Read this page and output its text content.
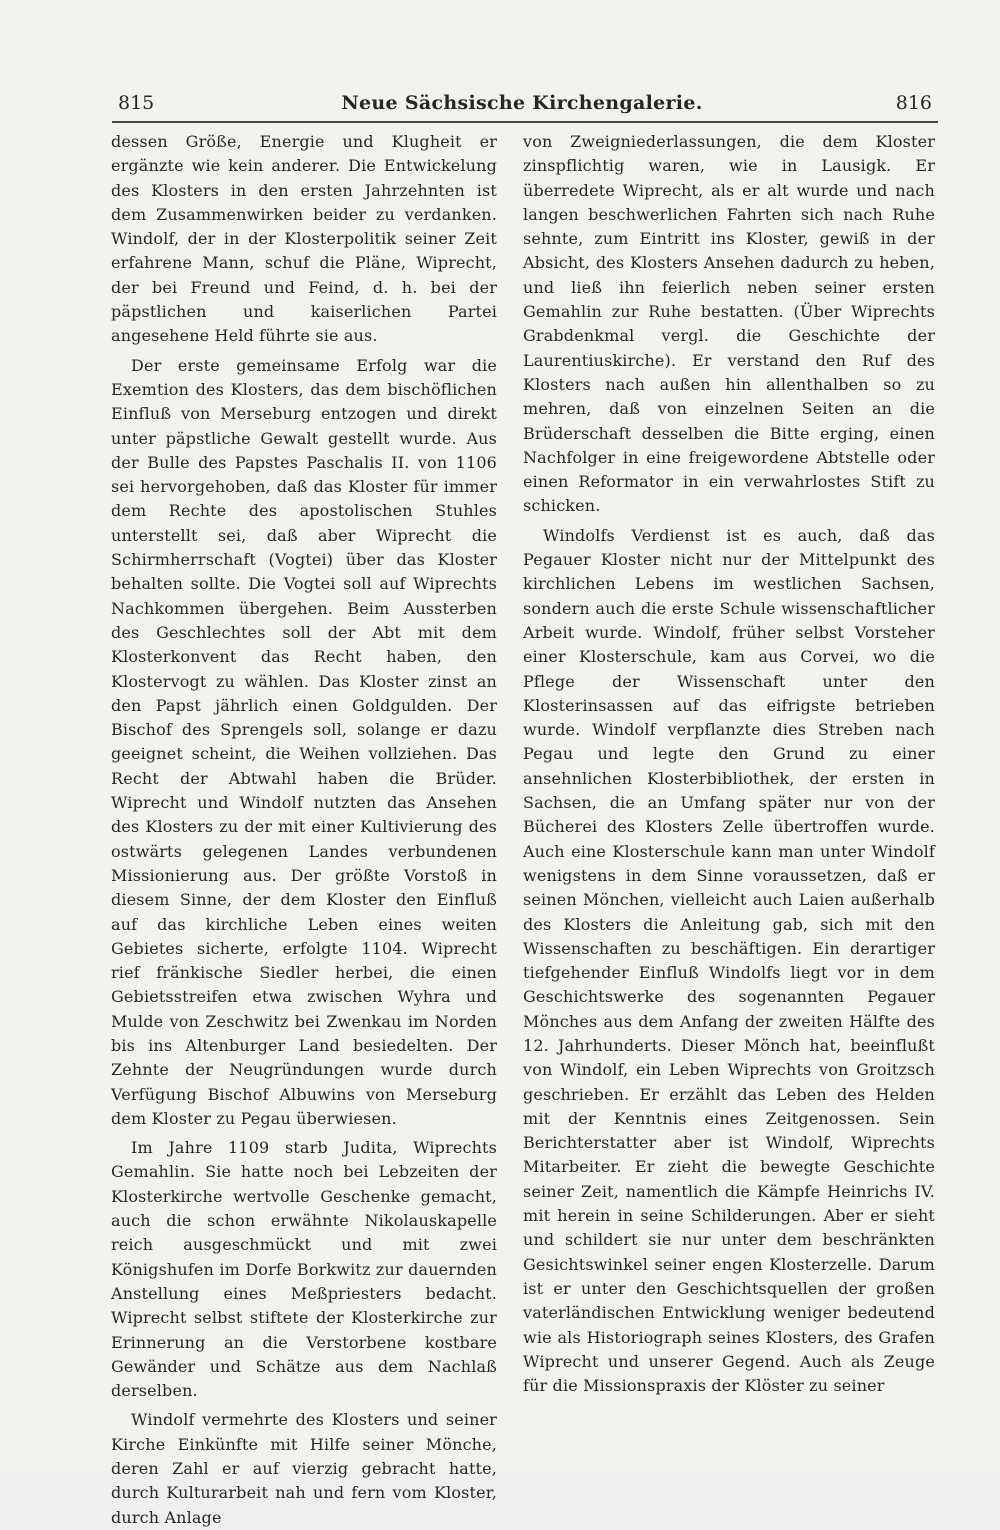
815	Neue Sächsische Kirchengalerie.	816

dessen Größe, Energie und Klugheit er ergänzte wie kein anderer. Die Entwickelung des Klosters in den ersten Jahrzehnten ist dem Zusammenwirken beider zu verdanken. Windolf, der in der Klosterpolitik seiner Zeit erfahrene Mann, schuf die Pläne, Wiprecht, der bei Freund und Feind, d. h. bei der päpstlichen und kaiserlichen Partei angesehene Held führte sie aus.

Der erste gemeinsame Erfolg war die Exemtion des Klosters, das dem bischöflichen Einfluß von Merseburg entzogen und direkt unter päpstliche Gewalt gestellt wurde. Aus der Bulle des Papstes Paschalis II. von 1106 sei hervorgehoben, daß das Kloster für immer dem Rechte des apostolischen Stuhles unterstellt sei, daß aber Wiprecht die Schirmherrschaft (Vogtei) über das Kloster behalten sollte. Die Vogtei soll auf Wiprechts Nachkommen übergehen. Beim Aussterben des Geschlechtes soll der Abt mit dem Klosterkonvent das Recht haben, den Klostervogt zu wählen. Das Kloster zinst an den Papst jährlich einen Goldgulden. Der Bischof des Sprengels soll, solange er dazu geeignet scheint, die Weihen vollziehen. Das Recht der Abtwahl haben die Brüder. Wiprecht und Windolf nutzten das Ansehen des Klosters zu der mit einer Kultivierung des ostwärts gelegenen Landes verbundenen Missionierung aus. Der größte Vorstoß in diesem Sinne, der dem Kloster den Einfluß auf das kirchliche Leben eines weiten Gebietes sicherte, erfolgte 1104. Wiprecht rief fränkische Siedler herbei, die einen Gebietsstreifen etwa zwischen Wyhra und Mulde von Zeschwitz bei Zwenkau im Norden bis ins Altenburger Land besiedelten. Der Zehnte der Neugründungen wurde durch Verfügung Bischof Albuwins von Merseburg dem Kloster zu Pegau überwiesen.

Im Jahre 1109 starb Judita, Wiprechts Gemahlin. Sie hatte noch bei Lebzeiten der Klosterkirche wertvolle Geschenke gemacht, auch die schon erwähnte Nikolauskapelle reich ausgeschmückt und mit zwei Königshufen im Dorfe Borkwitz zur dauernden Anstellung eines Meßpriesters bedacht. Wiprecht selbst stiftete der Klosterkirche zur Erinnerung an die Verstorbene kostbare Gewänder und Schätze aus dem Nachlaß derselben.

Windolf vermehrte des Klosters und seiner Kirche Einkünfte mit Hilfe seiner Mönche, deren Zahl er auf vierzig gebracht hatte, durch Kulturarbeit nah und fern vom Kloster, durch Anlage

von Zweigniederlassungen, die dem Kloster zinspflichtig waren, wie in Lausigk. Er überredete Wiprecht, als er alt wurde und nach langen beschwerlichen Fahrten sich nach Ruhe sehnte, zum Eintritt ins Kloster, gewiß in der Absicht, des Klosters Ansehen dadurch zu heben, und ließ ihn feierlich neben seiner ersten Gemahlin zur Ruhe bestatten. (Über Wiprechts Grabdenkmal vergl. die Geschichte der Laurentiuskirche). Er verstand den Ruf des Klosters nach außen hin allenthalben so zu mehren, daß von einzelnen Seiten an die Brüderschaft desselben die Bitte erging, einen Nachfolger in eine freigewordene Abtstelle oder einen Reformator in ein verwahrlostes Stift zu schicken.

Windolfs Verdienst ist es auch, daß das Pegauer Kloster nicht nur der Mittelpunkt des kirchlichen Lebens im westlichen Sachsen, sondern auch die erste Schule wissenschaftlicher Arbeit wurde. Windolf, früher selbst Vorsteher einer Klosterschule, kam aus Corvei, wo die Pflege der Wissenschaft unter den Klosterinsassen auf das eifrigste betrieben wurde. Windolf verpflanzte dies Streben nach Pegau und legte den Grund zu einer ansehnlichen Klosterbibliothek, der ersten in Sachsen, die an Umfang später nur von der Bücherei des Klosters Zelle übertroffen wurde. Auch eine Klosterschule kann man unter Windolf wenigstens in dem Sinne voraussetzen, daß er seinen Mönchen, vielleicht auch Laien außerhalb des Klosters die Anleitung gab, sich mit den Wissenschaften zu beschäftigen. Ein derartiger tiefgehender Einfluß Windolfs liegt vor in dem Geschichtswerke des sogenannten Pegauer Mönches aus dem Anfang der zweiten Hälfte des 12. Jahrhunderts. Dieser Mönch hat, beeinflußt von Windolf, ein Leben Wiprechts von Groitzsch geschrieben. Er erzählt das Leben des Helden mit der Kenntnis eines Zeitgenossen. Sein Berichterstatter aber ist Windolf, Wiprechts Mitarbeiter. Er zieht die bewegte Geschichte seiner Zeit, namentlich die Kämpfe Heinrichs IV. mit herein in seine Schilderungen. Aber er sieht und schildert sie nur unter dem beschränkten Gesichtswinkel seiner engen Klosterzelle. Darum ist er unter den Geschichtsquellen der großen vaterländischen Entwicklung weniger bedeutend wie als Historiograph seines Klosters, des Grafen Wiprecht und unserer Gegend. Auch als Zeuge für die Missionspraxis der Klöster zu seiner
